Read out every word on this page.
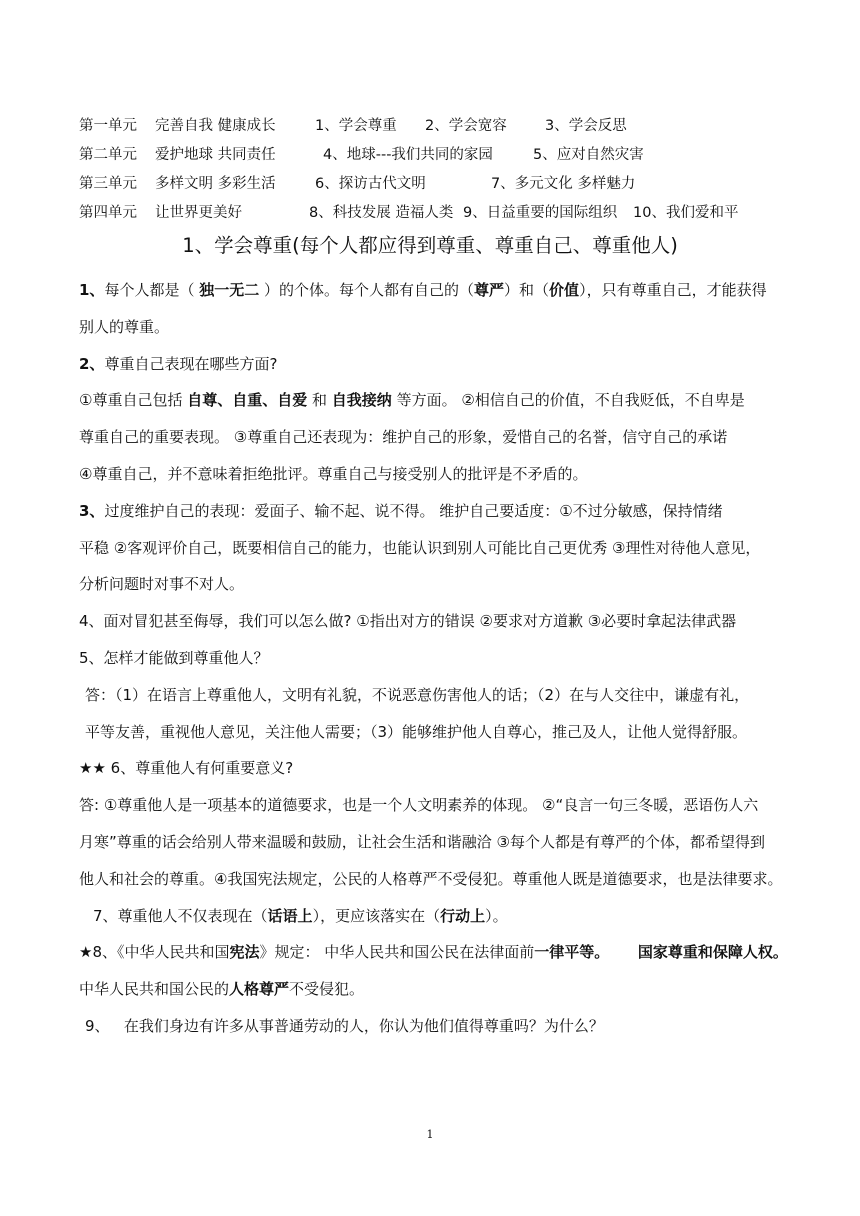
第一单元	完善自我 健康成长	1、学会尊重	2、学会宽容	3、学会反思
第二单元	爱护地球 共同责任	4、地球---我们共同的家园	5、应对自然灾害
第三单元	多样文明 多彩生活	6、探访古代文明	7、多元文化 多样魅力
第四单元	让世界更美好	8、科技发展 造福人类 9、日益重要的国际组织	10、我们爱和平
1、学会尊重(每个人都应得到尊重、尊重自己、尊重他人)
1、每个人都是（ 独一无二 ）的个体。每个人都有自己的（尊严）和（价值），只有尊重自己，才能获得
别人的尊重。
2、尊重自己表现在哪些方面?
①尊重自己包括 自尊、自重、自爱 和 自我接纳 等方面。 ②相信自己的价值，不自我贬低，不自卑是
尊重自己的重要表现。 ③尊重自己还表现为：维护自己的形象，爱惜自己的名誉，信守自己的承诺
④尊重自己，并不意味着拒绝批评。尊重自己与接受别人的批评是不矛盾的。
3、过度维护自己的表现：爱面子、输不起、说不得。 维护自己要适度：①不过分敏感，保持情绪
平稳 ②客观评价自己，既要相信自己的能力，也能认识到别人可能比自己更优秀 ③理性对待他人意见，
分析问题时对事不对人。
4、面对冒犯甚至侮辱，我们可以怎么做? ①指出对方的错误 ②要求对方道歉 ③必要时拿起法律武器
5、怎样才能做到尊重他人？
答：（1）在语言上尊重他人，文明有礼貌，不说恶意伤害他人的话；（2）在与人交往中，谦虚有礼，
平等友善，重视他人意见，关注他人需要；（3）能够维护他人自尊心，推己及人，让他人觉得舒服。
★★ 6、尊重他人有何重要意义?
答: ①尊重他人是一项基本的道德要求，也是一个人文明素养的体现。 ②“良言一句三冬暖，恶语伤人六
月寒”尊重的话会给别人带来温暖和鼓励，让社会生活和谐融洽 ③每个人都是有尊严的个体，都希望得到
他人和社会的尊重。④我国宪法规定，公民的人格尊严不受侵犯。尊重他人既是道德要求，也是法律要求。
7、尊重他人不仅表现在（话语上），更应该落实在（行动上）。
★8、《中华人民共和国宪法》规定： 中华人民共和国公民在法律面前一律平等。 国家尊重和保障人权。
中华人民共和国公民的人格尊严不受侵犯。
9、   在我们身边有许多从事普通劳动的人，你认为他们值得尊重吗？为什么？
1
